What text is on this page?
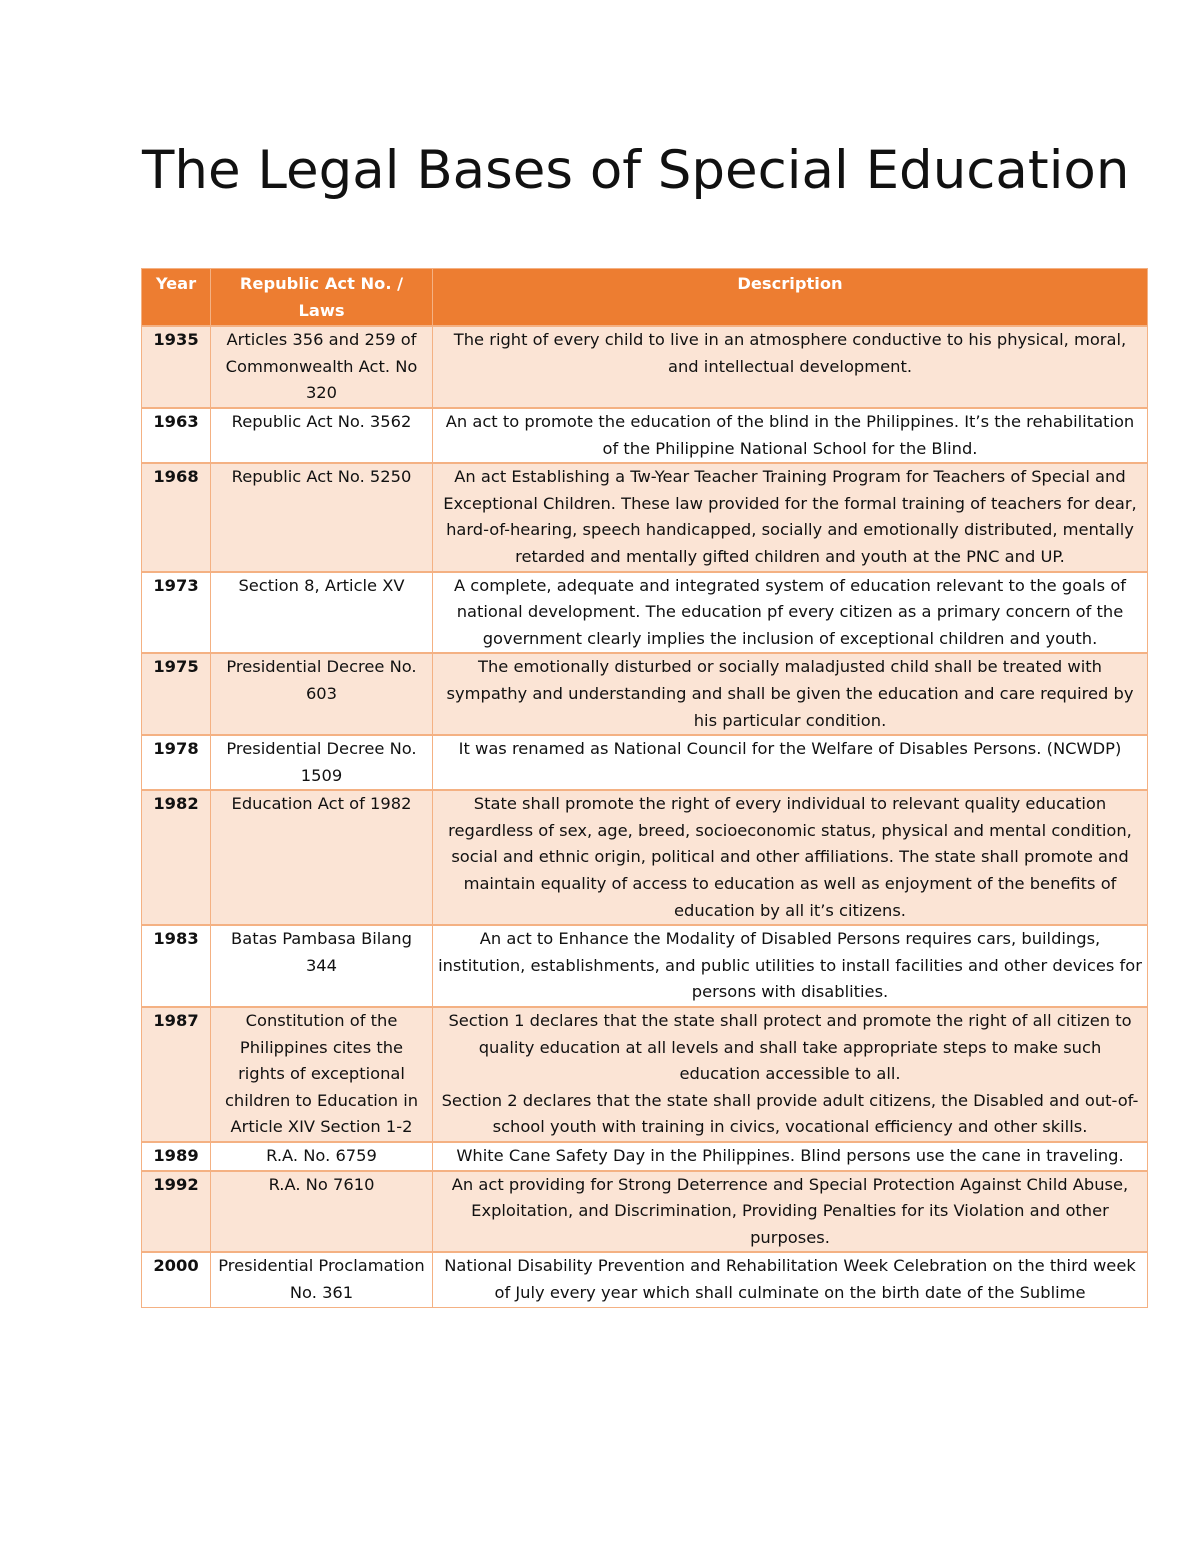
The Legal Bases of Special Education
Year	Republic Act No. / Laws	Description
1935	Articles 356 and 259 of Commonwealth Act. No 320	The right of every child to live in an atmosphere conductive to his physical, moral, and intellectual development.

1963	Republic Act No. 3562	An act to promote the education of the blind in the Philippines. It’s the rehabilitation of the Philippine National School for the Blind.

1968	Republic Act No. 5250	An act Establishing a Tw-Year Teacher Training Program for Teachers of Special and Exceptional Children. These law provided for the formal training of teachers for dear, hard-of-hearing, speech handicapped, socially and emotionally distributed, mentally retarded and mentally gifted children and youth at the PNC and UP.

1973	Section 8, Article XV	A complete, adequate and integrated system of education relevant to the goals of national development. The education pf every citizen as a primary concern of the government clearly implies the inclusion of exceptional children and youth.

1975	Presidential Decree No. 603	The emotionally disturbed or socially maladjusted child shall be treated with sympathy and understanding and shall be given the education and care required by his particular condition.

1978	Presidential Decree No. 1509	It was renamed as National Council for the Welfare of Disables Persons. (NCWDP)

1982	Education Act of 1982	State shall promote the right of every individual to relevant quality education regardless of sex, age, breed, socioeconomic status, physical and mental condition, social and ethnic origin, political and other affiliations. The state shall promote and maintain equality of access to education as well as enjoyment of the benefits of education by all it’s citizens.

1983	Batas Pambasa Bilang 344	An act to Enhance the Modality of Disabled Persons requires cars, buildings, institution, establishments, and public utilities to install facilities and other devices for persons with disablities.

1987	Constitution of the Philippines cites the rights of exceptional children to Education in Article XIV Section 1-2	Section 1 declares that the state shall protect and promote the right of all citizen to quality education at all levels and shall take appropriate steps to make such education accessible to all.
Section 2 declares that the state shall provide adult citizens, the Disabled and out-of-school youth with training in civics, vocational efficiency and other skills.

1989	R.A. No. 6759	White Cane Safety Day in the Philippines. Blind persons use the cane in traveling.

1992	R.A. No 7610	An act providing for Strong Deterrence and Special Protection Against Child Abuse, Exploitation, and Discrimination, Providing Penalties for its Violation and other purposes.

2000	Presidential Proclamation No. 361	National Disability Prevention and Rehabilitation Week Celebration on the third week of July every year which shall culminate on the birth date of the Sublime
